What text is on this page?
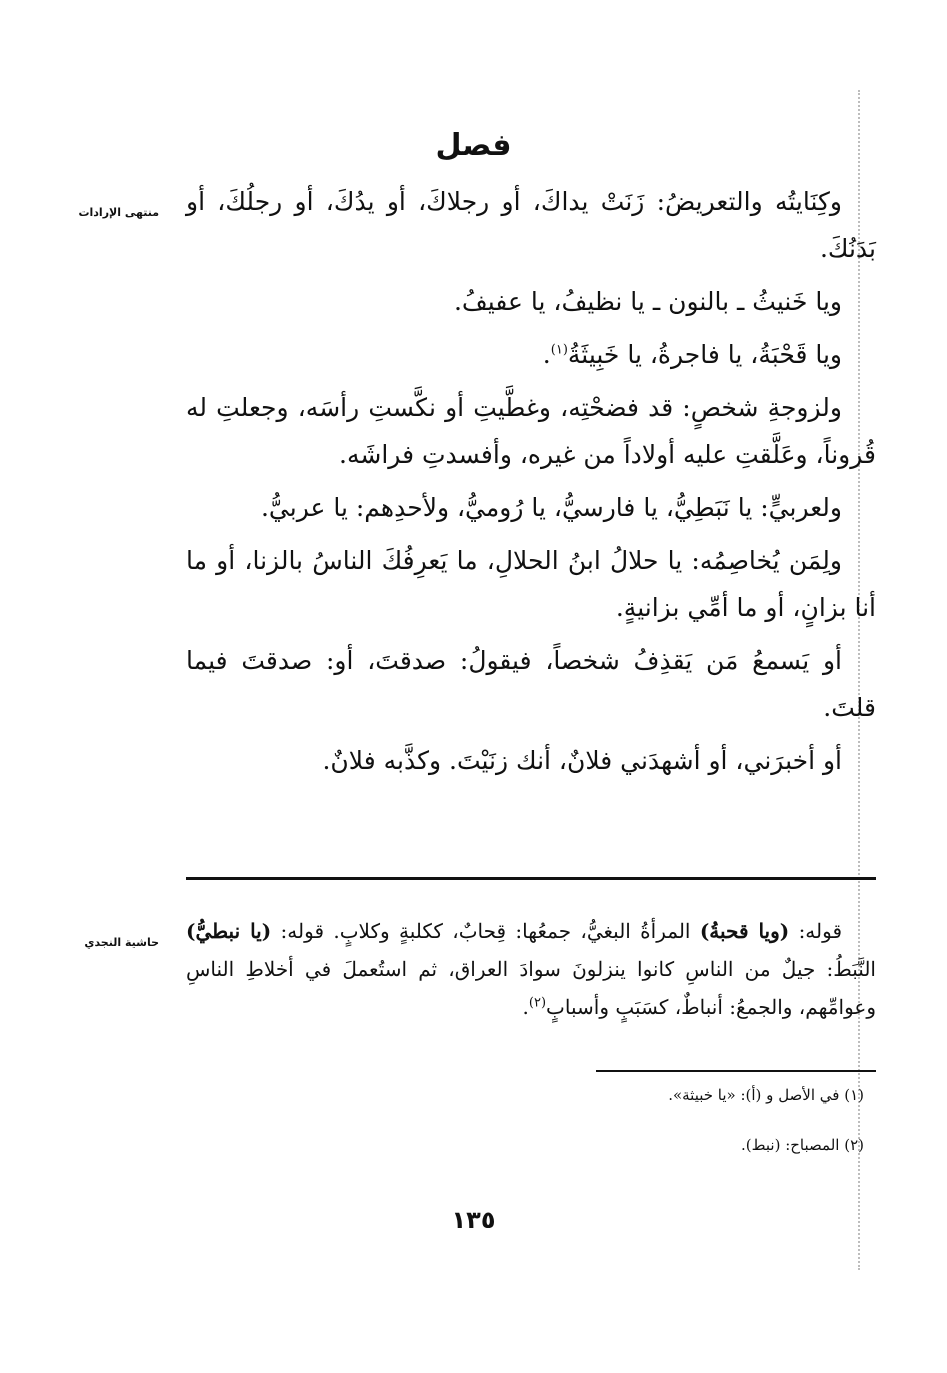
فصل
منتهى الإرادات وكِنَايتُه والتعريضُ: زَنَتْ يداكَ، أو رجلاكَ، أو يدُكَ، أو رجلُكَ، أو بَدَنُكَ.

ويا خَنيثُ ـ بالنون ـ يا نظيفُ، يا عفيفُ.

ويا قَحْبَةُ، يا فاجرةُ، يا خَبِيثَةُ$^{(١)}$.

ولزوجةِ شخصٍ: قد فضحْتِه، وغطَّيتِ أو نكَّستِ رأسَه، وجعلتِ له قُروناً، وعَلَّقتِ عليه أولاداً من غيره، وأفسدتِ فراشَه.

ولعربيٍّ: يا نَبَطِيُّ، يا فارسيُّ، يا رُوميُّ، ولأحدِهم: يا عربيُّ.

ولِمَن يُخاصِمُه: يا حلالُ ابنُ الحلالِ، ما يَعرِفُكَ الناسُ بالزنا، أو ما أنا بزانٍ، أو ما أمِّي بزانيةٍ.

أو يَسمعُ مَن يَقذِفُ شخصاً، فيقولُ: صدقتَ، أو: صدقتَ فيما قلتَ.

أو أخبرَني، أو أشهدَني فلانٌ، أنك زنَيْتَ. وكذَّبه فلانٌ.

حاشية النجدي	قوله: (ويا قحبةُ) المرأةُ البغيُّ، جمعُها: قِحابٌ، ككلبةٍ وكلابٍ. قوله: (يا نبطيُّ) النَّبَطُ: جيلٌ من الناسِ كانوا ينزلونَ سوادَ العراق، ثم استُعملَ في أخلاطِ الناسِ وعوامِّهم، والجمعُ: أنباطٌ، كسَبَبٍ وأسبابٍ$^{(٢)}$.

(١) في الأصل و (أ): «يا خبيثة».
(٢) المصباح: (نبط).
١٣٥
